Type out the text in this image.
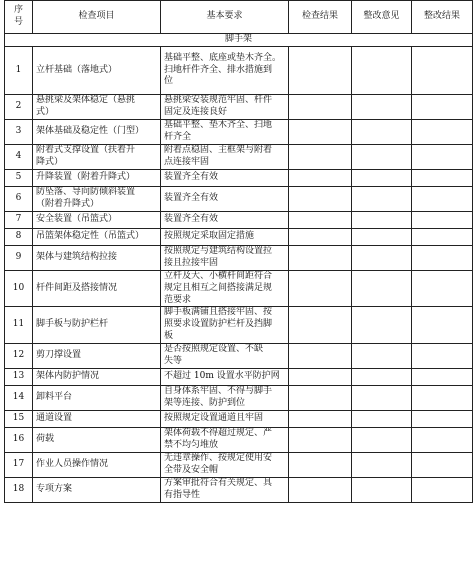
序
号	检查项目	基本要求	检查结果	整改意见	整改结果
脚手架					
1	立杆基础（落地式）	基础平整、底座或垫木齐全。
扫地杆件齐全、排水措施到
位			
2	悬挑梁及架体稳定（悬挑
式）	悬挑梁安装规范牢固、杆件
固定及连接良好			
3	架体基础及稳定性（门型）	基础平整、垫木齐全、扫地
杆齐全			
4	附着式支撑设置（扶着升
降式）	附着点稳固、主框架与附着
点连接牢固			
5	升降装置（附着升降式）	装置齐全有效			
6	防坠落、导向防倾斜装置
（附着升降式）	装置齐全有效			
7	安全装置（吊篮式）	装置齐全有效			
8	吊篮架体稳定性（吊篮式）	按照规定采取固定措施			
9	架体与建筑结构拉接	按照规定与建筑结构设置拉
接且拉接牢固			
10	杆件间距及搭接情况	立杆及大、小横杆间距符合
规定且相互之间搭接满足规
范要求			
11	脚手板与防护栏杆	脚手板满铺且搭接牢固、按
照要求设置防护栏杆及挡脚
板			
12	剪刀撑设置	是否按照规定设置、不缺
失等			
13	架体内防护情况	不超过 10m 设置水平防护网			
14	卸料平台	自身体系牢固、不得与脚手
架等连接、防护到位			
15	通道设置	按照规定设置通道且牢固			
16	荷载	架体荷载不得超过规定、严
禁不均匀堆放			
17	作业人员操作情况	无违章操作、按规定使用安
全带及安全帽			
18	专项方案	方案审批符合有关规定、具
有指导性			
